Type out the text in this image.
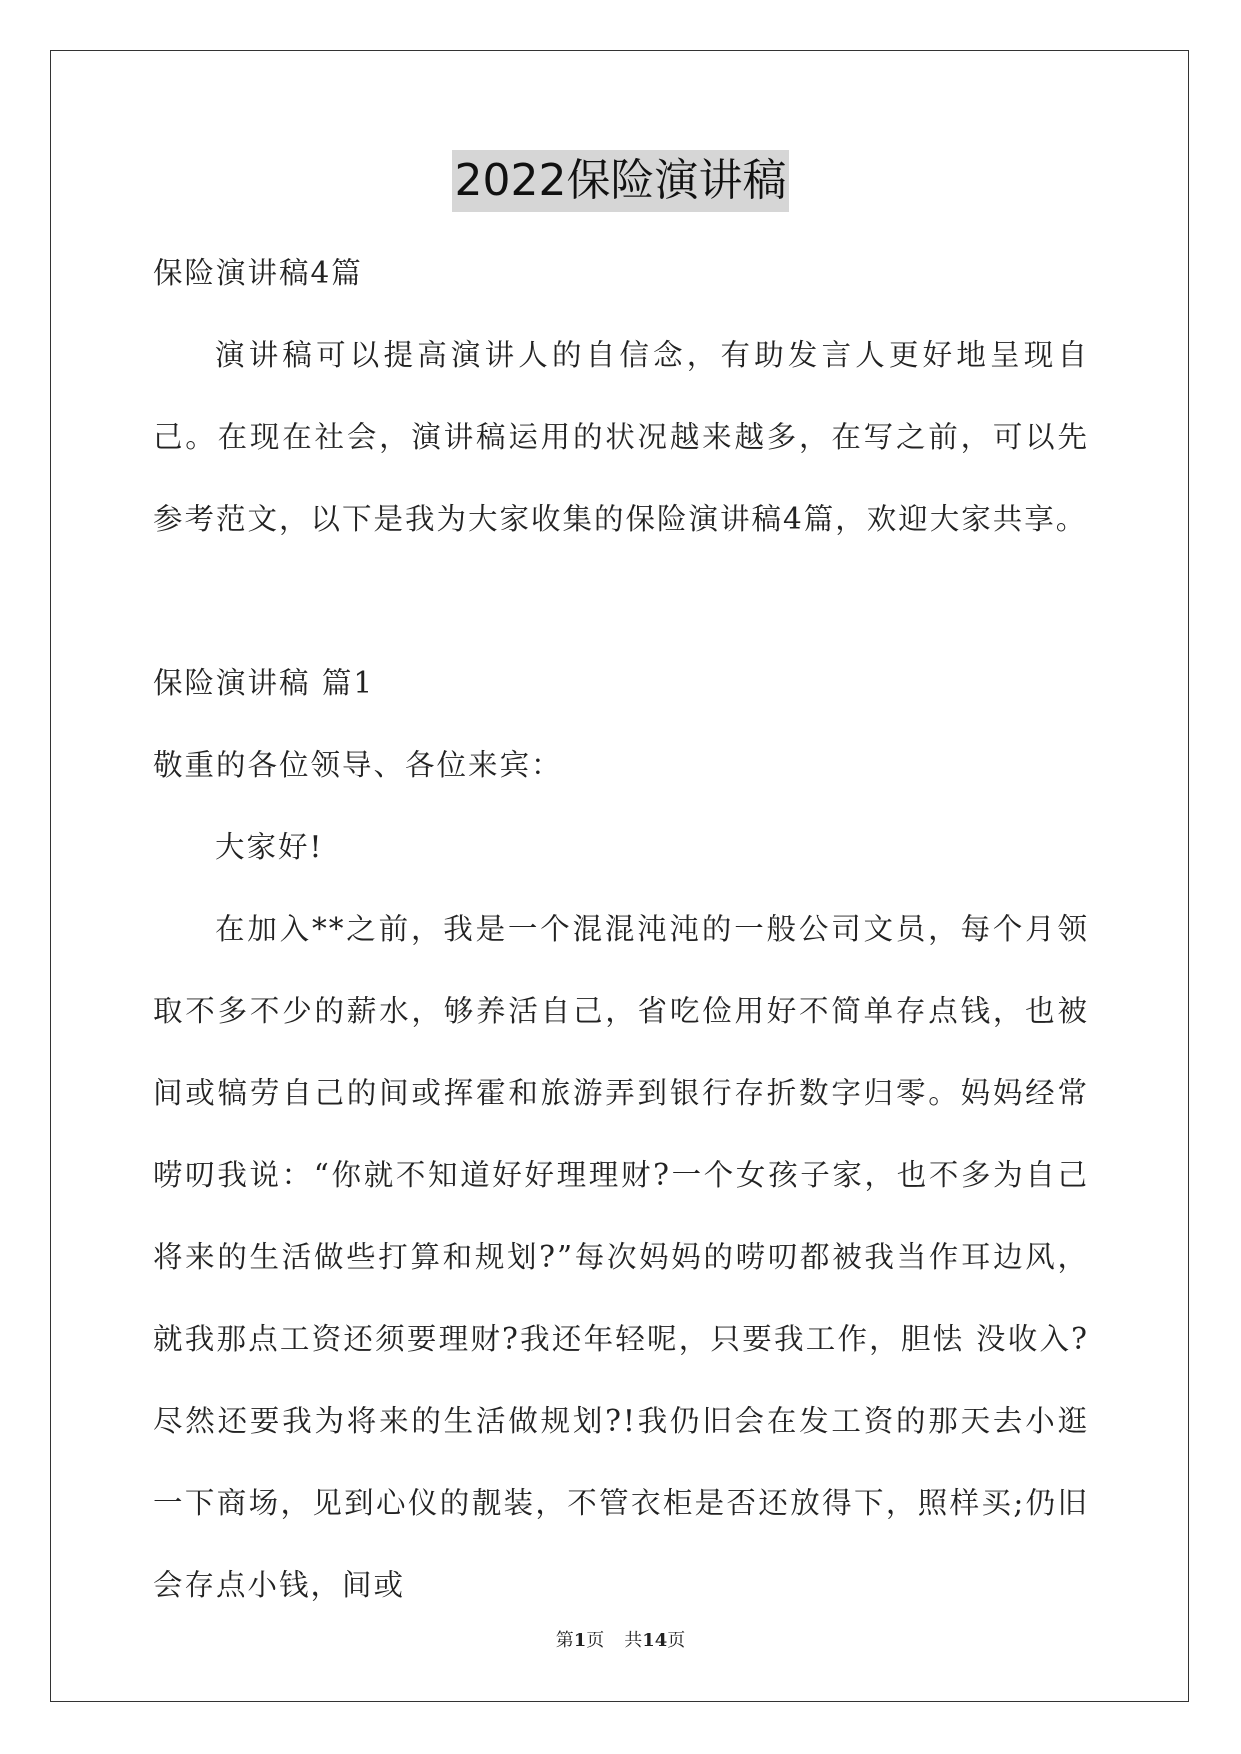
2022保险演讲稿
保险演讲稿4篇

演讲稿可以提高演讲人的自信念，有助发言人更好地呈现自己。在现在社会，演讲稿运用的状况越来越多，在写之前，可以先参考范文，以下是我为大家收集的保险演讲稿4篇，欢迎大家共享。

保险演讲稿 篇1
敬重的各位领导、各位来宾：
大家好!

在加入**之前，我是一个混混沌沌的一般公司文员，每个月领取不多不少的薪水，够养活自己，省吃俭用好不简单存点钱，也被间或犒劳自己的间或挥霍和旅游弄到银行存折数字归零。妈妈经常唠叨我说：“你就不知道好好理理财?一个女孩子家，也不多为自己将来的生活做些打算和规划?”每次妈妈的唠叨都被我当作耳边风，就我那点工资还须要理财?我还年轻呢，只要我工作，胆怯 没收入?尽然还要我为将来的生活做规划?!我仍旧会在发工资的那天去小逛一下商场，见到心仪的靓装，不管衣柜是否还放得下，照样买;仍旧会存点小钱，间或

第1页 共14页
